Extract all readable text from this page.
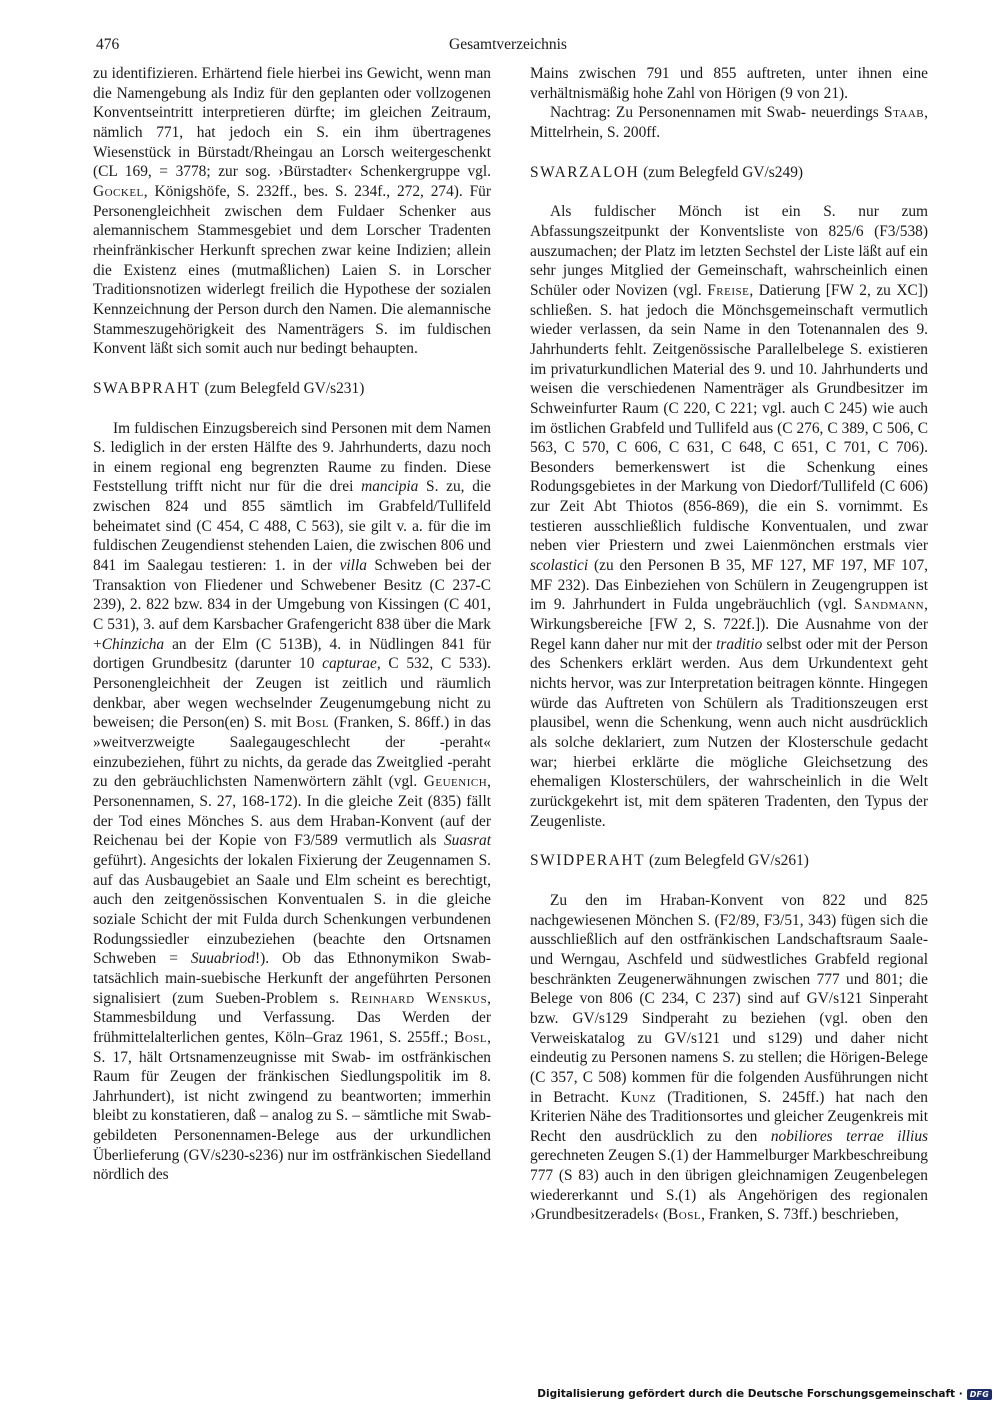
476	Gesamtverzeichnis

zu identifizieren. Erhärtend fiele hierbei ins Gewicht, wenn man die Namengebung als Indiz für den geplanten oder vollzogenen Konventseintritt interpretieren dürfte; im gleichen Zeitraum, nämlich 771, hat jedoch ein S. ein ihm übertragenes Wiesenstück in Bürstadt/Rheingau an Lorsch weitergeschenkt (CL 169, = 3778; zur sog. ›Bürstadter‹ Schenkergruppe vgl. Gockel, Königshöfe, S. 232ff., bes. S. 234f., 272, 274). Für Personengleichheit zwischen dem Fuldaer Schenker aus alemannischem Stammesgebiet und dem Lorscher Tradenten rheinfränkischer Herkunft sprechen zwar keine Indizien; allein die Existenz eines (mutmaßlichen) Laien S. in Lorscher Traditionsnotizen widerlegt freilich die Hypothese der sozialen Kennzeichnung der Person durch den Namen. Die alemannische Stammeszugehörigkeit des Namenträgers S. im fuldischen Konvent läßt sich somit auch nur bedingt behaupten.

SWABPRAHT (zum Belegfeld GV/s231)

Im fuldischen Einzugsbereich sind Personen mit dem Namen S. lediglich in der ersten Hälfte des 9. Jahrhunderts, dazu noch in einem regional eng begrenzten Raume zu finden. Diese Feststellung trifft nicht nur für die drei mancipia S. zu, die zwischen 824 und 855 sämtlich im Grabfeld/Tullifeld beheimatet sind (C 454, C 488, C 563), sie gilt v. a. für die im fuldischen Zeugendienst stehenden Laien, die zwischen 806 und 841 im Saalegau testieren: 1. in der villa Schweben bei der Transaktion von Fliedener und Schwebener Besitz (C 237-C 239), 2. 822 bzw. 834 in der Umgebung von Kissingen (C 401, C 531), 3. auf dem Karsbacher Grafengericht 838 über die Mark +Chinzicha an der Elm (C 513B), 4. in Nüdlingen 841 für dortigen Grundbesitz (darunter 10 capturae, C 532, C 533). Personengleichheit der Zeugen ist zeitlich und räumlich denkbar, aber wegen wechselnder Zeugenumgebung nicht zu beweisen; die Person(en) S. mit Bosl (Franken, S. 86ff.) in das »weitverzweigte Saalegaugeschlecht der -peraht« einzubeziehen, führt zu nichts, da gerade das Zweitglied -peraht zu den gebräuchlichsten Namenwörtern zählt (vgl. Geuenich, Personennamen, S. 27, 168-172). In die gleiche Zeit (835) fällt der Tod eines Mönches S. aus dem Hraban-Konvent (auf der Reichenau bei der Kopie von F3/589 vermutlich als Suasrat geführt). Angesichts der lokalen Fixierung der Zeugennamen S. auf das Ausbaugebiet an Saale und Elm scheint es berechtigt, auch den zeitgenössischen Konventualen S. in die gleiche soziale Schicht der mit Fulda durch Schenkungen verbundenen Rodungssiedler einzubeziehen (beachte den Ortsnamen Schweben = Suuabriod!). Ob das Ethnonymikon Swab- tatsächlich main-suebische Herkunft der angeführten Personen signalisiert (zum Sueben-Problem s. Reinhard Wenskus, Stammesbildung und Verfassung. Das Werden der frühmittelalterlichen gentes, Köln–Graz 1961, S. 255ff.; Bosl, S. 17, hält Ortsnamenzeugnisse mit Swab- im ostfränkischen Raum für Zeugen der fränkischen Siedlungspolitik im 8. Jahrhundert), ist nicht zwingend zu beantworten; immerhin bleibt zu konstatieren, daß – analog zu S. – sämtliche mit Swab- gebildeten Personennamen-Belege aus der urkundlichen Überlieferung (GV/s230-s236) nur im ostfränkischen Siedelland nördlich des

Mains zwischen 791 und 855 auftreten, unter ihnen eine verhältnismäßig hohe Zahl von Hörigen (9 von 21).

Nachtrag: Zu Personennamen mit Swab- neuerdings Staab, Mittelrhein, S. 200ff.

SWARZALOH (zum Belegfeld GV/s249)

Als fuldischer Mönch ist ein S. nur zum Abfassungszeitpunkt der Konventsliste von 825/6 (F3/538) auszumachen; der Platz im letzten Sechstel der Liste läßt auf ein sehr junges Mitglied der Gemeinschaft, wahrscheinlich einen Schüler oder Novizen (vgl. Freise, Datierung [FW 2, zu XC]) schließen. S. hat jedoch die Mönchsgemeinschaft vermutlich wieder verlassen, da sein Name in den Totenannalen des 9. Jahrhunderts fehlt. Zeitgenössische Parallelbelege S. existieren im privaturkundlichen Material des 9. und 10. Jahrhunderts und weisen die verschiedenen Namenträger als Grundbesitzer im Schweinfurter Raum (C 220, C 221; vgl. auch C 245) wie auch im östlichen Grabfeld und Tullifeld aus (C 276, C 389, C 506, C 563, C 570, C 606, C 631, C 648, C 651, C 701, C 706). Besonders bemerkenswert ist die Schenkung eines Rodungsgebietes in der Markung von Diedorf/Tullifeld (C 606) zur Zeit Abt Thiotos (856-869), die ein S. vornimmt. Es testieren ausschließlich fuldische Konventualen, und zwar neben vier Priestern und zwei Laienmönchen erstmals vier scolastici (zu den Personen B 35, MF 127, MF 197, MF 107, MF 232). Das Einbeziehen von Schülern in Zeugengruppen ist im 9. Jahrhundert in Fulda ungebräuchlich (vgl. Sandmann, Wirkungsbereiche [FW 2, S. 722f.]). Die Ausnahme von der Regel kann daher nur mit der traditio selbst oder mit der Person des Schenkers erklärt werden. Aus dem Urkundentext geht nichts hervor, was zur Interpretation beitragen könnte. Hingegen würde das Auftreten von Schülern als Traditionszeugen erst plausibel, wenn die Schenkung, wenn auch nicht ausdrücklich als solche deklariert, zum Nutzen der Klosterschule gedacht war; hierbei erklärte die mögliche Gleichsetzung des ehemaligen Klosterschülers, der wahrscheinlich in die Welt zurückgekehrt ist, mit dem späteren Tradenten, den Typus der Zeugenliste.

SWIDPERAHT (zum Belegfeld GV/s261)

Zu den im Hraban-Konvent von 822 und 825 nachgewiesenen Mönchen S. (F2/89, F3/51, 343) fügen sich die ausschließlich auf den ostfränkischen Landschaftsraum Saale- und Werngau, Aschfeld und südwestliches Grabfeld regional beschränkten Zeugenerwähnungen zwischen 777 und 801; die Belege von 806 (C 234, C 237) sind auf GV/s121 Sinperaht bzw. GV/s129 Sindperaht zu beziehen (vgl. oben den Verweiskatalog zu GV/s121 und s129) und daher nicht eindeutig zu Personen namens S. zu stellen; die Hörigen-Belege (C 357, C 508) kommen für die folgenden Ausführungen nicht in Betracht. Kunz (Traditionen, S. 245ff.) hat nach den Kriterien Nähe des Traditionsortes und gleicher Zeugenkreis mit Recht den ausdrücklich zu den nobiliores terrae illius gerechneten Zeugen S.(1) der Hammelburger Markbeschreibung 777 (S 83) auch in den übrigen gleichnamigen Zeugenbelegen wiedererkannt und S.(1) als Angehörigen des regionalen ›Grundbesitzeradels‹ (Bosl, Franken, S. 73ff.) beschrieben,

Digitalisierung gefördert durch die Deutsche Forschungsgemeinschaft · DFG
